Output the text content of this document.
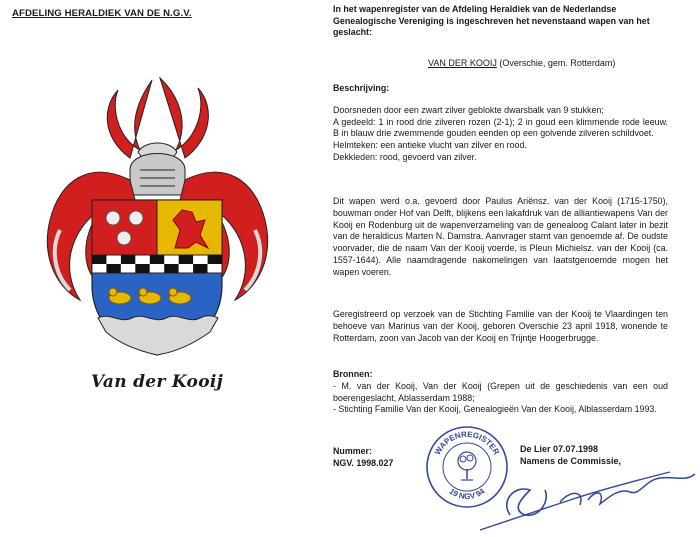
AFDELING HERALDIEK VAN DE N.G.V.
Van der Kooij
In het wapenregister van de Afdeling Heraldiek van de Nederlandse Genealogische Vereniging is ingeschreven het nevenstaand wapen van het geslacht:
VAN DER KOOIJ (Overschie, gem. Rotterdam)

Beschrijving:

Doorsneden door een zwart zilver geblokte dwarsbalk van 9 stukken;

A gedeeld: 1 in rood drie zilveren rozen (2-1); 2 in goud een klimmende rode leeuw. B in blauw drie zwemmende gouden eenden op een golvende zilveren schildvoet.

Helmteken: een antieke vlucht van zilver en rood.

Dekkleden: rood, gevoerd van zilver.

Dit wapen werd o.a. gevoerd door Paulus Ariënsz. van der Kooij (1715-1750), bouwman onder Hof van Delft, blijkens een lakafdruk van de alliantiewapens Van der Kooij en Rodenburg uit de wapenverzameling van de genealoog Calant later in bezit van de heraldicus Marten N. Damstra. Aanvrager stamt van genoemde af. De oudste voorvader, die de naam Van der Kooij voerde, is Pleun Michielsz. van der Kooij (ca. 1557-1644). Alle naamdragende nakomelingen van laatstgenoemde mogen het wapen voeren.
Geregistreerd op verzoek van de Stichting Familie van der Kooij te Vlaardingen ten behoeve van Marinus van der Kooij, geboren Overschie 23 april 1918, wonende te Rotterdam, zoon van Jacob van der Kooij en Trijntje Hoogerbrugge.

Bronnen:

- M. van der Kooij, Van der Kooij (Grepen uit de geschiedenis van een oud boerengeslacht, Ablasserdam 1988;

- Stichting Familie Van der Kooij, Genealogieën Van der Kooij, Alblasserdam 1993.

Nummer:

NGV. 1998.027

WAPENREGISTER
19 NGV 94
De Lier 07.07.1998
Namens de Commissie,
EGvan Beijn
